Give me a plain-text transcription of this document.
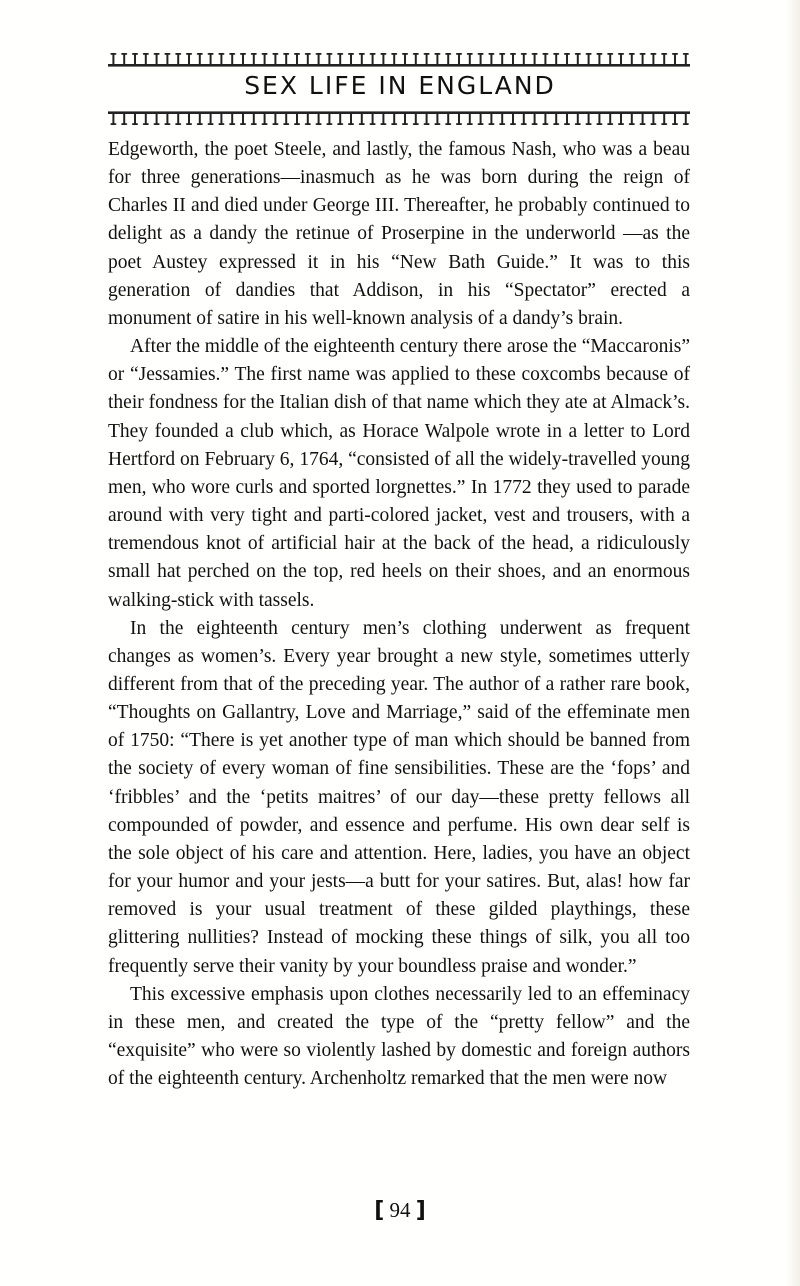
SEX LIFE IN ENGLAND

Edgeworth, the poet Steele, and lastly, the famous Nash, who was a beau for three generations—inasmuch as he was born during the reign of Charles II and died under George III. Thereafter, he probably continued to delight as a dandy the retinue of Proserpine in the underworld —as the poet Austey expressed it in his “New Bath Guide.” It was to this generation of dandies that Addison, in his “Spectator” erected a monument of satire in his well-known analysis of a dandy’s brain.

After the middle of the eighteenth century there arose the “Maccaronis” or “Jessamies.” The first name was applied to these coxcombs because of their fondness for the Italian dish of that name which they ate at Almack’s. They founded a club which, as Horace Walpole wrote in a letter to Lord Hertford on February 6, 1764, “consisted of all the widely-travelled young men, who wore curls and sported lorgnettes.” In 1772 they used to parade around with very tight and parti-colored jacket, vest and trousers, with a tremendous knot of artificial hair at the back of the head, a ridiculously small hat perched on the top, red heels on their shoes, and an enormous walking-stick with tassels.

In the eighteenth century men’s clothing underwent as frequent changes as women’s. Every year brought a new style, sometimes utterly different from that of the preceding year. The author of a rather rare book, “Thoughts on Gallantry, Love and Marriage,” said of the effeminate men of 1750: “There is yet another type of man which should be banned from the society of every woman of fine sensibilities. These are the ‘fops’ and ‘fribbles’ and the ‘petits maitres’ of our day—these pretty fellows all compounded of powder, and essence and perfume. His own dear self is the sole object of his care and attention. Here, ladies, you have an object for your humor and your jests—a butt for your satires. But, alas! how far removed is your usual treatment of these gilded playthings, these glittering nullities? Instead of mocking these things of silk, you all too frequently serve their vanity by your boundless praise and wonder.”

This excessive emphasis upon clothes necessarily led to an effeminacy in these men, and created the type of the “pretty fellow” and the “exquisite” who were so violently lashed by domestic and foreign authors of the eighteenth century. Archenholtz remarked that the men were now

[ 94 ]
